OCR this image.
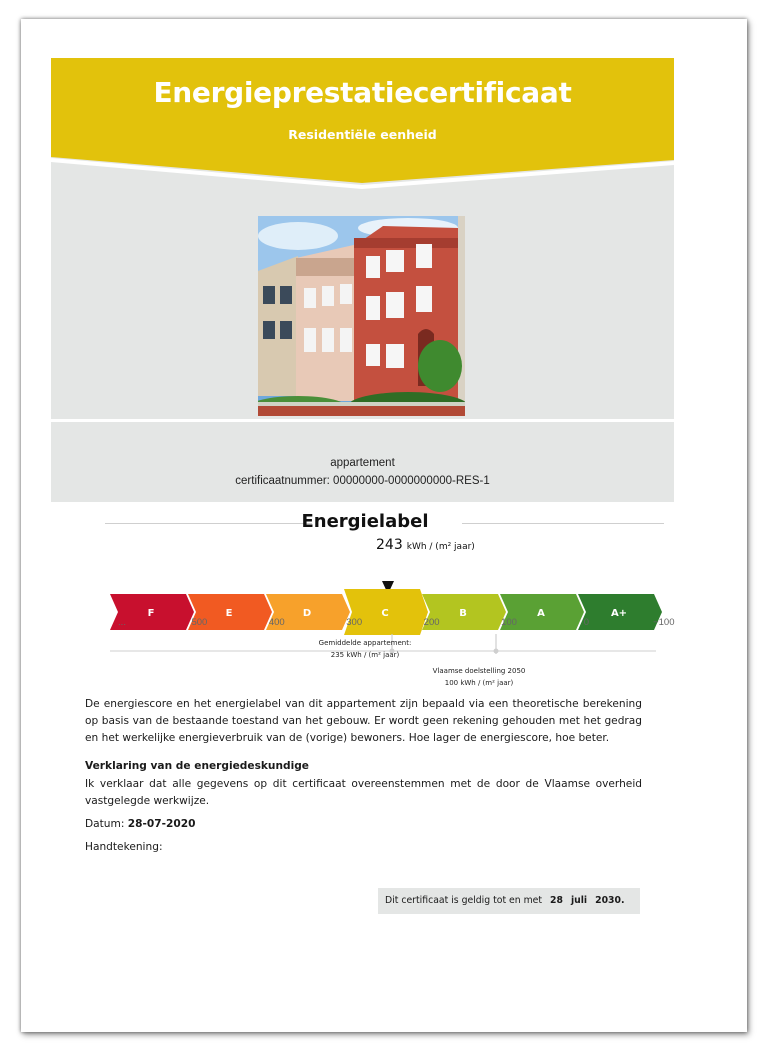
Energieprestatiecertificaat
Residentiële eenheid
appartement
certificaatnummer: 00000000-0000000000-RES-1
Energielabel
243 kWh / (m² jaar)
F	E	D	C	B	A	A+
...	500	400	300	200	100	0	−100
Gemiddelde appartement:
235 kWh / (m² jaar)
Vlaamse doelstelling 2050
100 kWh / (m² jaar)
De energiescore en het energielabel van dit appartement zijn bepaald via een theoretische berekening op basis van de bestaande toestand van het gebouw. Er wordt geen rekening gehouden met het gedrag en het werkelijke energieverbruik van de (vorige) bewoners. Hoe lager de energiescore, hoe beter.
Verklaring van de energiedeskundige
Ik verklaar dat alle gegevens op dit certificaat overeenstemmen met de door de Vlaamse overheid vastgelegde werkwijze.
Datum: 28-07-2020
Handtekening:
Dit certificaat is geldig tot en met 28 juli 2030.
